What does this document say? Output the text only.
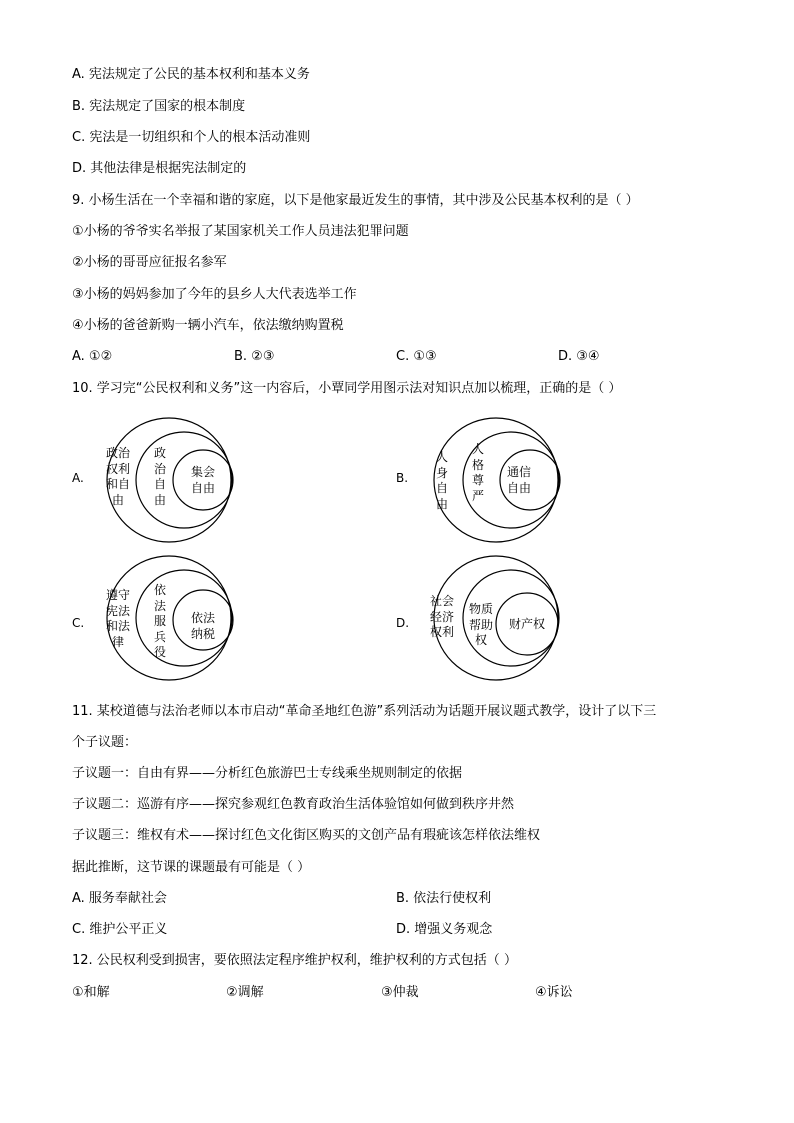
A. 宪法规定了公民的基本权利和基本义务
B. 宪法规定了国家的根本制度
C. 宪法是一切组织和个人的根本活动准则
D. 其他法律是根据宪法制定的
9. 小杨生活在一个幸福和谐的家庭，以下是他家最近发生的事情，其中涉及公民基本权利的是（ ）
①小杨的爷爷实名举报了某国家机关工作人员违法犯罪问题
②小杨的哥哥应征报名参军
③小杨的妈妈参加了今年的县乡人大代表选举工作
④小杨的爸爸新购一辆小汽车，依法缴纳购置税
A. ①②	B. ②③	C. ①③	D. ③④
10. 学习完“公民权利和义务”这一内容后，小覃同学用图示法对知识点加以梳理，正确的是（ ）
A.
政治
权利
和自
由
政
治
自
由
集会
自由
B.
人
身
自
由
人
格
尊
严
通信
自由
C.
遵守
宪法
和法
律
依
法
服
兵
役
依法
纳税
D.
社会
经济
权利
物质
帮助
权
财产权
11. 某校道德与法治老师以本市启动“革命圣地红色游”系列活动为话题开展议题式教学，设计了以下三
个子议题：
子议题一：自由有界——分析红色旅游巴士专线乘坐规则制定的依据
子议题二：巡游有序——探究参观红色教育政治生活体验馆如何做到秩序井然
子议题三：维权有术——探讨红色文化街区购买的文创产品有瑕疵该怎样依法维权
据此推断，这节课的课题最有可能是（ ）
A. 服务奉献社会	B. 依法行使权利
C. 维护公平正义	D. 增强义务观念
12. 公民权利受到损害，要依照法定程序维护权利，维护权利的方式包括（ ）
①和解	②调解	③仲裁	④诉讼
